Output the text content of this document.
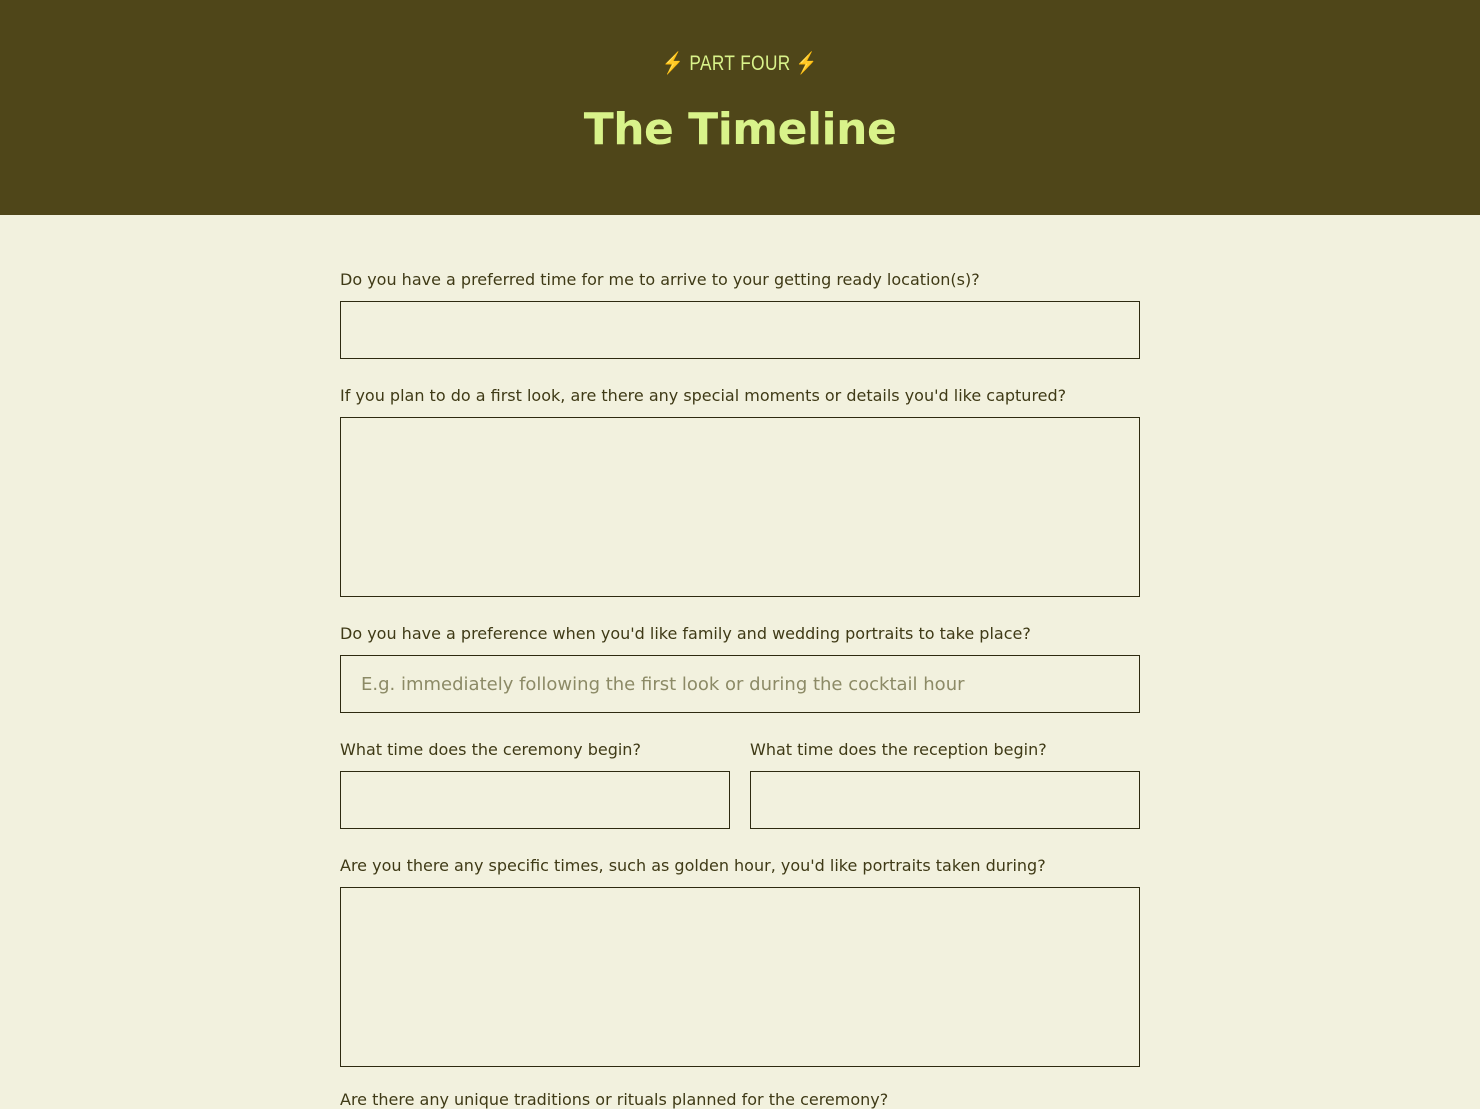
⚡ PART FOUR ⚡
The Timeline
Do you have a preferred time for me to arrive to your getting ready location(s)?
If you plan to do a first look, are there any special moments or details you'd like captured?
Do you have a preference when you'd like family and wedding portraits to take place?
E.g. immediately following the first look or during the cocktail hour
What time does the ceremony begin?	What time does the reception begin?
Are you there any specific times, such as golden hour, you'd like portraits taken during?
Are there any unique traditions or rituals planned for the ceremony?
